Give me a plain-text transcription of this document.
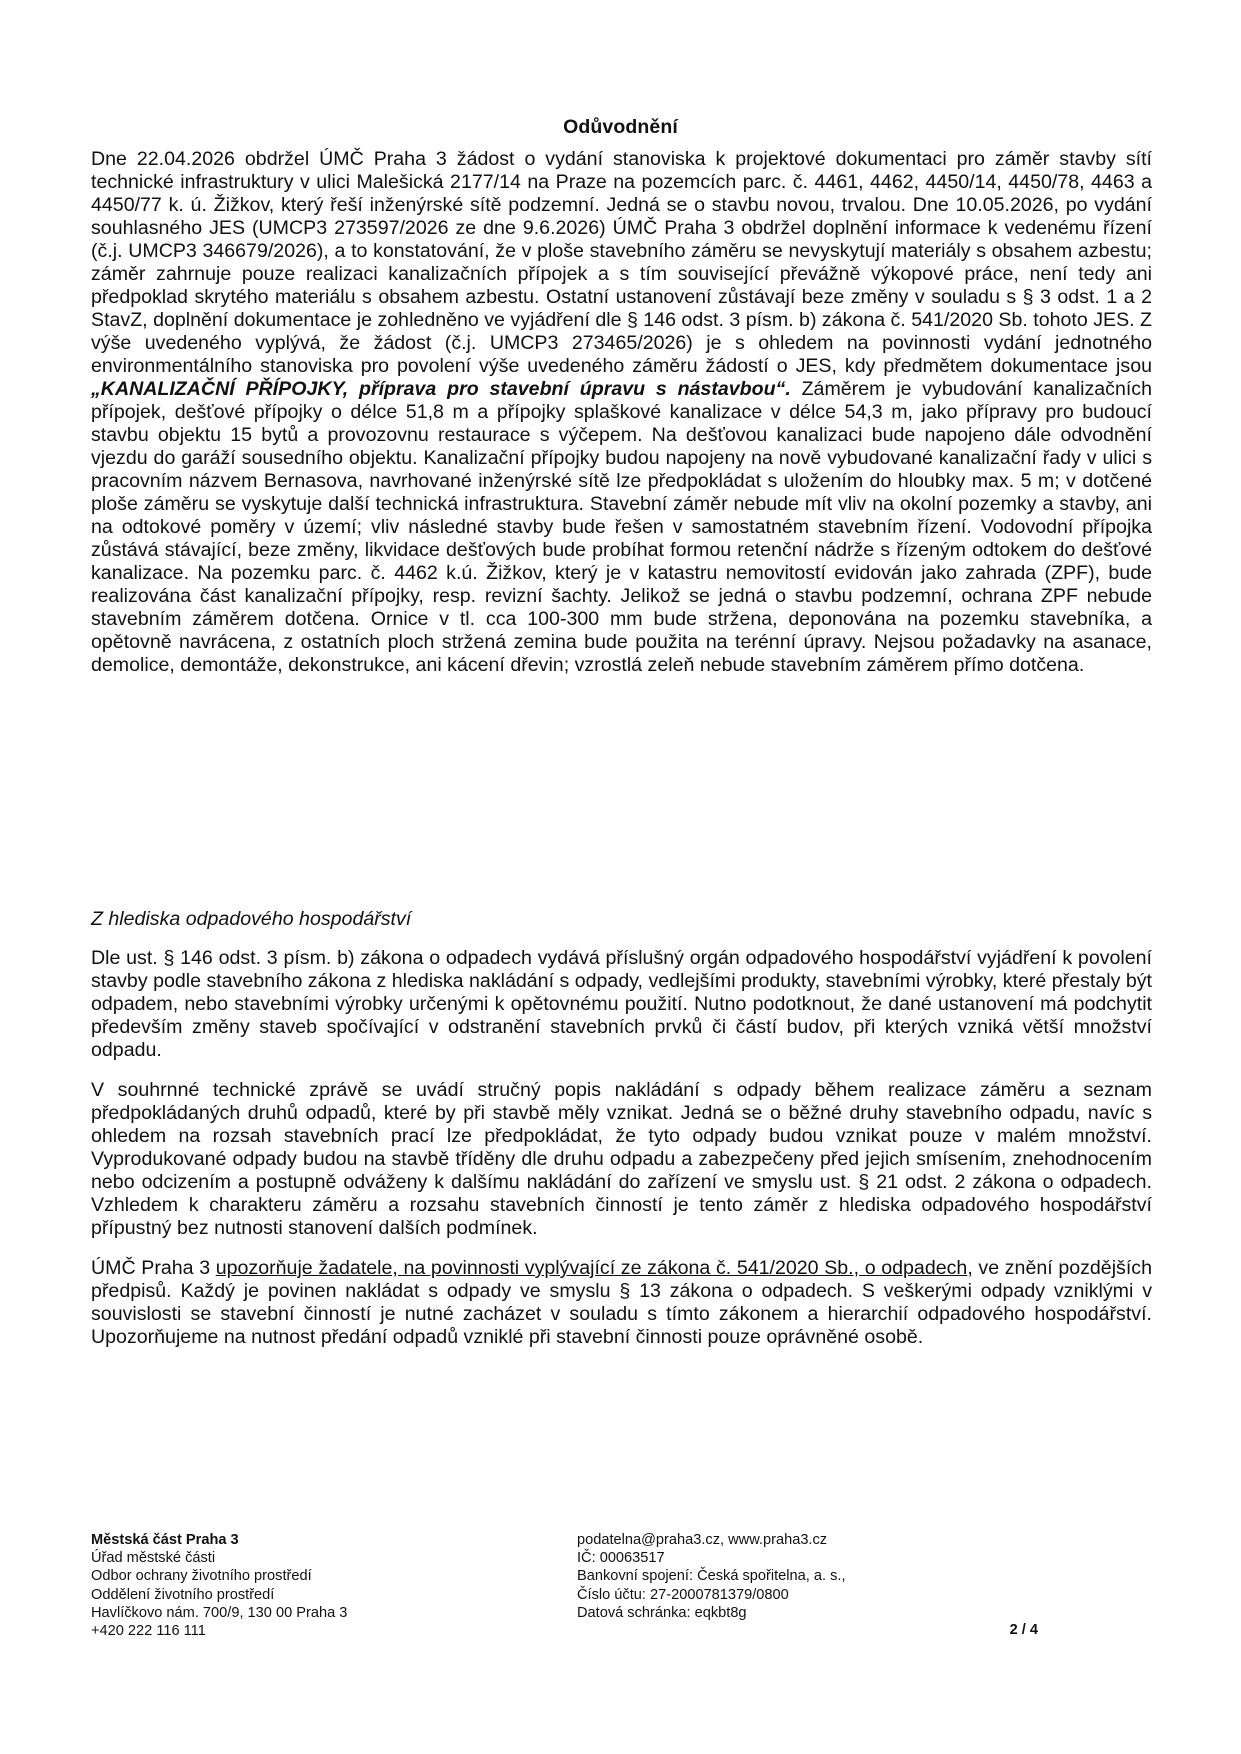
Odůvodnění

Dne 22.04.2026 obdržel ÚMČ Praha 3 žádost o vydání stanoviska k projektové dokumentaci pro záměr stavby sítí technické infrastruktury v ulici Malešická 2177/14 na Praze na pozemcích parc. č. 4461, 4462, 4450/14, 4450/78, 4463 a 4450/77 k. ú. Žižkov, který řeší inženýrské sítě podzemní. Jedná se o stavbu novou, trvalou. Dne 10.05.2026, po vydání souhlasného JES (UMCP3 273597/2026 ze dne 9.6.2026) ÚMČ Praha 3 obdržel doplnění informace k vedenému řízení (č.j. UMCP3 346679/2026), a to konstatování, že v ploše stavebního záměru se nevyskytují materiály s obsahem azbestu; záměr zahrnuje pouze realizaci kanalizačních přípojek a s tím související převážně výkopové práce, není tedy ani předpoklad skrytého materiálu s obsahem azbestu. Ostatní ustanovení zůstávají beze změny v souladu s § 3 odst. 1 a 2 StavZ, doplnění dokumentace je zohledněno ve vyjádření dle § 146 odst. 3 písm. b) zákona č. 541/2020 Sb. tohoto JES. Z výše uvedeného vyplývá, že žádost (č.j. UMCP3 273465/2026) je s ohledem na povinnosti vydání jednotného environmentálního stanoviska pro povolení výše uvedeného záměru žádostí o JES, kdy předmětem dokumentace jsou „KANALIZAČNÍ PŘÍPOJKY, příprava pro stavební úpravu s nástavbou“. Záměrem je vybudování kanalizačních přípojek, dešťové přípojky o délce 51,8 m a přípojky splaškové kanalizace v délce 54,3 m, jako přípravy pro budoucí stavbu objektu 15 bytů a provozovnu restaurace s výčepem. Na dešťovou kanalizaci bude napojeno dále odvodnění vjezdu do garáží sousedního objektu. Kanalizační přípojky budou napojeny na nově vybudované kanalizační řady v ulici s pracovním názvem Bernasova, navrhované inženýrské sítě lze předpokládat s uložením do hloubky max. 5 m; v dotčené ploše záměru se vyskytuje další technická infrastruktura. Stavební záměr nebude mít vliv na okolní pozemky a stavby, ani na odtokové poměry v území; vliv následné stavby bude řešen v samostatném stavebním řízení. Vodovodní přípojka zůstává stávající, beze změny, likvidace dešťových bude probíhat formou retenční nádrže s řízeným odtokem do dešťové kanalizace. Na pozemku parc. č. 4462 k.ú. Žižkov, který je v katastru nemovitostí evidován jako zahrada (ZPF), bude realizována část kanalizační přípojky, resp. revizní šachty. Jelikož se jedná o stavbu podzemní, ochrana ZPF nebude stavebním záměrem dotčena. Ornice v tl. cca 100-300 mm bude stržena, deponována na pozemku stavebníka, a opětovně navrácena, z ostatních ploch stržená zemina bude použita na terénní úpravy. Nejsou požadavky na asanace, demolice, demontáže, dekonstrukce, ani kácení dřevin; vzrostlá zeleň nebude stavebním záměrem přímo dotčena.

Z hlediska odpadového hospodářství

Dle ust. § 146 odst. 3 písm. b) zákona o odpadech vydává příslušný orgán odpadového hospodářství vyjádření k povolení stavby podle stavebního zákona z hlediska nakládání s odpady, vedlejšími produkty, stavebními výrobky, které přestaly být odpadem, nebo stavebními výrobky určenými k opětovnému použití. Nutno podotknout, že dané ustanovení má podchytit především změny staveb spočívající v odstranění stavebních prvků či částí budov, při kterých vzniká větší množství odpadu.

V souhrnné technické zprávě se uvádí stručný popis nakládání s odpady během realizace záměru a seznam předpokládaných druhů odpadů, které by při stavbě měly vznikat. Jedná se o běžné druhy stavebního odpadu, navíc s ohledem na rozsah stavebních prací lze předpokládat, že tyto odpady budou vznikat pouze v malém množství. Vyprodukované odpady budou na stavbě tříděny dle druhu odpadu a zabezpečeny před jejich smísením, znehodnocením nebo odcizením a postupně odváženy k dalšímu nakládání do zařízení ve smyslu ust. § 21 odst. 2 zákona o odpadech. Vzhledem k charakteru záměru a rozsahu stavebních činností je tento záměr z hlediska odpadového hospodářství přípustný bez nutnosti stanovení dalších podmínek.

ÚMČ Praha 3 upozorňuje žadatele, na povinnosti vyplývající ze zákona č. 541/2020 Sb., o odpadech, ve znění pozdějších předpisů. Každý je povinen nakládat s odpady ve smyslu § 13 zákona o odpadech. S veškerými odpady vzniklými v souvislosti se stavební činností je nutné zacházet v souladu s tímto zákonem a hierarchií odpadového hospodářství. Upozorňujeme na nutnost předání odpadů vzniklé při stavební činnosti pouze oprávněné osobě.

Městská část Praha 3
Úřad městské části
Odbor ochrany životního prostředí
Oddělení životního prostředí
Havlíčkovo nám. 700/9, 130 00 Praha 3
+420 222 116 111
podatelna@praha3.cz, www.praha3.cz
IČ: 00063517
Bankovní spojení: Česká spořitelna, a. s.,
Číslo účtu: 27-2000781379/0800
Datová schránka: eqkbt8g
2 / 4
